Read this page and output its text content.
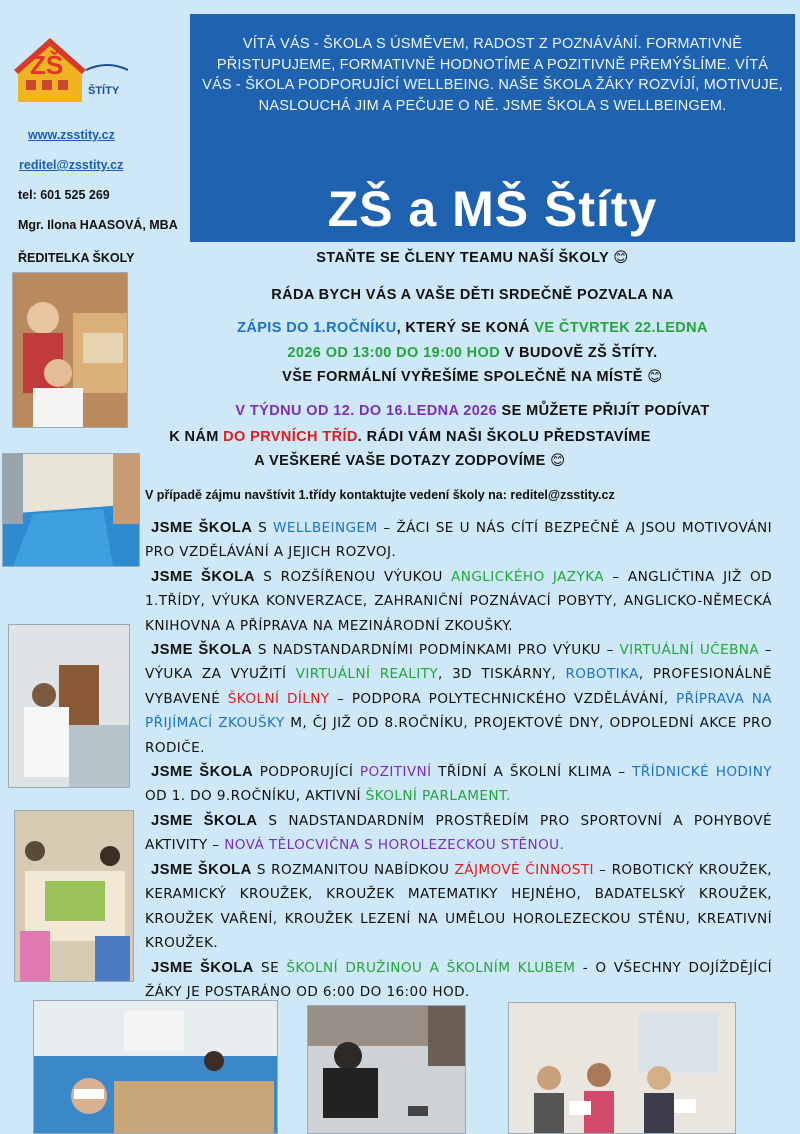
ZŠ
ŠTÍTY
www.zsstity.cz
reditel@zsstity.cz
tel: 601 525 269
Mgr. Ilona HAASOVÁ, MBA
ŘEDITELKA ŠKOLY
VÍTÁ VÁS - ŠKOLA S ÚSMĚVEM, RADOST Z POZNÁVÁNÍ. FORMATIVNĚ PŘISTUPUJEME, FORMATIVNĚ HODNOTÍME A POZITIVNĚ PŘEMÝŠLÍME. VÍTÁ VÁS - ŠKOLA PODPORUJÍCÍ WELLBEING. NAŠE ŠKOLA ŽÁKY ROZVÍJÍ, MOTIVUJE, NASLOUCHÁ JIM A PEČUJE O NĚ. JSME ŠKOLA S WELLBEINGEM.
ZŠ a MŠ Štíty
STAŇTE SE ČLENY TEAMU NAŠÍ ŠKOLY 😊
RÁDA BYCH VÁS A VAŠE DĚTI SRDEČNĚ POZVALA NA
ZÁPIS DO 1.ROČNÍKU, KTERÝ SE KONÁ VE ČTVRTEK 22.LEDNA
2026 OD 13:00 DO 19:00 HOD V BUDOVĚ ZŠ ŠTÍTY.
VŠE FORMÁLNÍ VYŘEŠÍME SPOLEČNĚ NA MÍSTĚ 😊
V TÝDNU OD 12. DO 16.LEDNA 2026 SE MŮŽETE PŘIJÍT PODÍVAT
K NÁM DO PRVNÍCH TŘÍD. RÁDI VÁM NAŠI ŠKOLU PŘEDSTAVÍME
A VEŠKERÉ VAŠE DOTAZY ZODPOVÍME 😊
V případě zájmu navštívit 1.třídy kontaktujte vedení školy na: reditel@zsstity.cz
JSME ŠKOLA S WELLBEINGEM – ŽÁCI SE U NÁS CÍTÍ BEZPEČNĚ A JSOU MOTIVOVÁNI PRO VZDĚLÁVÁNÍ A JEJICH ROZVOJ.
JSME ŠKOLA S ROZŠÍŘENOU VÝUKOU ANGLICKÉHO JAZYKA – ANGLIČTINA JIŽ OD 1.TŘÍDY, VÝUKA KONVERZACE, ZAHRANIČNÍ POZNÁVACÍ POBYTY, ANGLICKO-NĚMECKÁ KNIHOVNA A PŘÍPRAVA NA MEZINÁRODNÍ ZKOUŠKY.
JSME ŠKOLA S NADSTANDARDNÍMI PODMÍNKAMI PRO VÝUKU – VIRTUÁLNÍ UČEBNA – VÝUKA ZA VYUŽITÍ VIRTUÁLNÍ REALITY, 3D TISKÁRNY, ROBOTIKA, PROFESIONÁLNĚ VYBAVENÉ ŠKOLNÍ DÍLNY – PODPORA POLYTECHNICKÉHO VZDĚLÁVÁNÍ, PŘÍPRAVA NA PŘIJÍMACÍ ZKOUŠKY M, ČJ JIŽ OD 8.ROČNÍKU, PROJEKTOVÉ DNY, ODPOLEDNÍ AKCE PRO RODIČE.
JSME ŠKOLA PODPORUJÍCÍ POZITIVNÍ TŘÍDNÍ A ŠKOLNÍ KLIMA – TŘÍDNICKÉ HODINY OD 1. DO 9.ROČNÍKU, AKTIVNÍ ŠKOLNÍ PARLAMENT.
JSME ŠKOLA S NADSTANDARDNÍM PROSTŘEDÍM PRO SPORTOVNÍ A POHYBOVÉ AKTIVITY – NOVÁ TĚLOCVIČNA S HOROLEZECKOU STĚNOU.
JSME ŠKOLA S ROZMANITOU NABÍDKOU ZÁJMOVÉ ČINNOSTI – ROBOTICKÝ KROUŽEK, KERAMICKÝ KROUŽEK, KROUŽEK MATEMATIKY HEJNÉHO, BADATELSKÝ KROUŽEK, KROUŽEK VAŘENÍ, KROUŽEK LEZENÍ NA UMĚLOU HOROLEZECKOU STĚNU, KREATIVNÍ KROUŽEK.
JSME ŠKOLA SE ŠKOLNÍ DRUŽINOU A ŠKOLNÍM KLUBEM - O VŠECHNY DOJÍŽDĚJÍCÍ ŽÁKY JE POSTARÁNO OD 6:00 DO 16:00 HOD.
